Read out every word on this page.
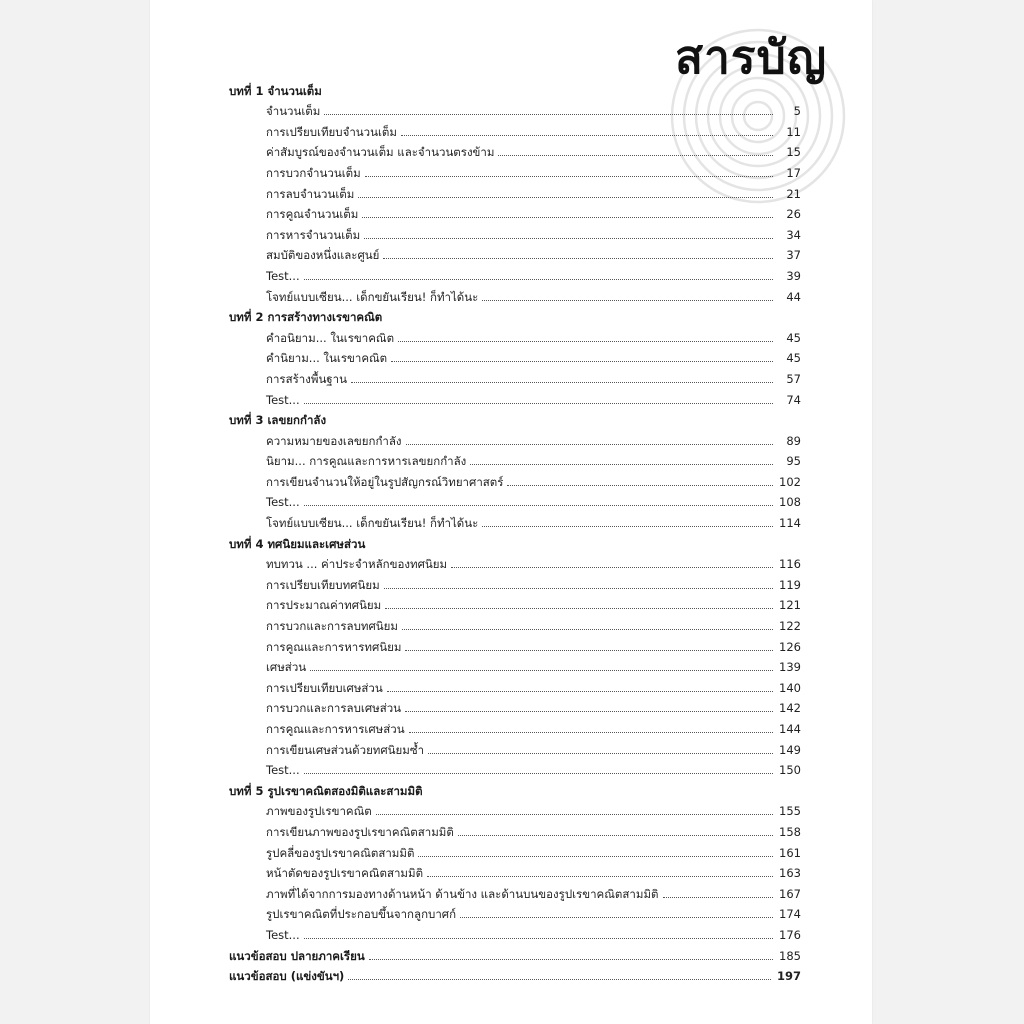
สารบัญ
บทที่ 1 จำนวนเต็ม
จำนวนเต็ม	5
การเปรียบเทียบจำนวนเต็ม	11
ค่าสัมบูรณ์ของจำนวนเต็ม และจำนวนตรงข้าม	15
การบวกจำนวนเต็ม	17
การลบจำนวนเต็ม	21
การคูณจำนวนเต็ม	26
การหารจำนวนเต็ม	34
สมบัติของหนึ่งและศูนย์	37
Test...	39
โจทย์แบบเซียน... เด็กขยันเรียน! ก็ทำได้นะ	44
บทที่ 2 การสร้างทางเรขาคณิต
คำอนิยาม... ในเรขาคณิต	45
คำนิยาม... ในเรขาคณิต	45
การสร้างพื้นฐาน	57
Test...	74
บทที่ 3 เลขยกกำลัง
ความหมายของเลขยกกำลัง	89
นิยาม... การคูณและการหารเลขยกกำลัง	95
การเขียนจำนวนให้อยู่ในรูปสัญกรณ์วิทยาศาสตร์	102
Test...	108
โจทย์แบบเซียน... เด็กขยันเรียน! ก็ทำได้นะ	114
บทที่ 4 ทศนิยมและเศษส่วน
ทบทวน ... ค่าประจำหลักของทศนิยม	116
การเปรียบเทียบทศนิยม	119
การประมาณค่าทศนิยม	121
การบวกและการลบทศนิยม	122
การคูณและการหารทศนิยม	126
เศษส่วน	139
การเปรียบเทียบเศษส่วน	140
การบวกและการลบเศษส่วน	142
การคูณและการหารเศษส่วน	144
การเขียนเศษส่วนด้วยทศนิยมซ้ำ	149
Test...	150
บทที่ 5 รูปเรขาคณิตสองมิติและสามมิติ
ภาพของรูปเรขาคณิต	155
การเขียนภาพของรูปเรขาคณิตสามมิติ	158
รูปคลี่ของรูปเรขาคณิตสามมิติ	161
หน้าตัดของรูปเรขาคณิตสามมิติ	163
ภาพที่ได้จากการมองทางด้านหน้า ด้านข้าง และด้านบนของรูปเรขาคณิตสามมิติ	167
รูปเรขาคณิตที่ประกอบขึ้นจากลูกบาศก์	174
Test...	176
แนวข้อสอบ ปลายภาคเรียน	185
แนวข้อสอบ (แข่งขันฯ)	197
